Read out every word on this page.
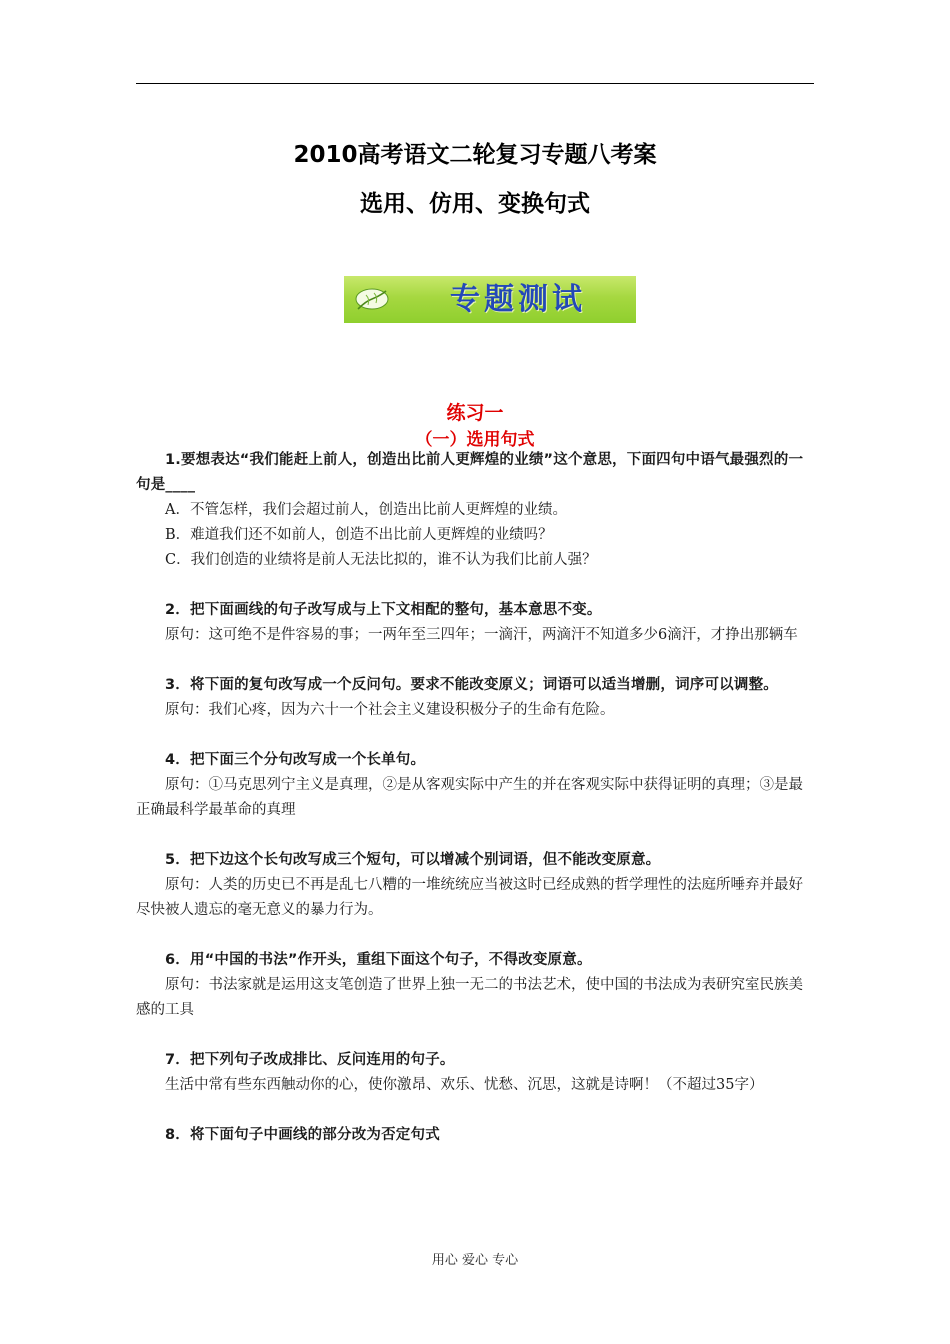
2010高考语文二轮复习专题八考案
选用、仿用、变换句式
专题测试
练习一
（一）选用句式

1.要想表达“我们能赶上前人，创造出比前人更辉煌的业绩”这个意思，下面四句中语气最强烈的一句是____

A．不管怎样，我们会超过前人，创造出比前人更辉煌的业绩。

B．难道我们还不如前人，创造不出比前人更辉煌的业绩吗？

C．我们创造的业绩将是前人无法比拟的，谁不认为我们比前人强？

2．把下面画线的句子改写成与上下文相配的整句，基本意思不变。

原句：这可绝不是件容易的事；一两年至三四年；一滴汗，两滴汗不知道多少6滴汗，才挣出那辆车

3．将下面的复句改写成一个反问句。要求不能改变原义；词语可以适当增删，词序可以调整。

原句：我们心疼，因为六十一个社会主义建设积极分子的生命有危险。

4．把下面三个分句改写成一个长单句。

原句：①马克思列宁主义是真理，②是从客观实际中产生的并在客观实际中获得证明的真理；③是最正确最科学最革命的真理

5．把下边这个长句改写成三个短句，可以增减个别词语，但不能改变原意。

原句：人类的历史已不再是乱七八糟的一堆统统应当被这时已经成熟的哲学理性的法庭所唾弃并最好尽快被人遗忘的毫无意义的暴力行为。

6．用“中国的书法”作开头，重组下面这个句子，不得改变原意。

原句：书法家就是运用这支笔创造了世界上独一无二的书法艺术，使中国的书法成为表研究室民族美感的工具

7．把下列句子改成排比、反问连用的句子。

生活中常有些东西触动你的心，使你激昂、欢乐、忧愁、沉思，这就是诗啊！（不超过35字）

8．将下面句子中画线的部分改为否定句式

用心 爱心 专心
